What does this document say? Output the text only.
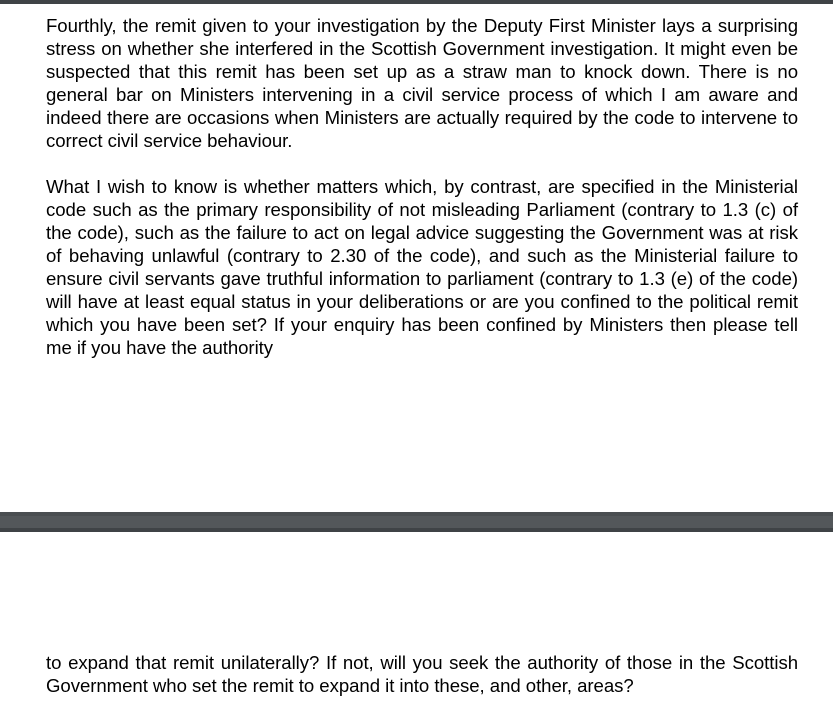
Fourthly, the remit given to your investigation by the Deputy First Minister lays a surprising stress on whether she interfered in the Scottish Government investigation. It might even be suspected that this remit has been set up as a straw man to knock down. There is no general bar on Ministers intervening in a civil service process of which I am aware and indeed there are occasions when Ministers are actually required by the code to intervene to correct civil service behaviour.

What I wish to know is whether matters which, by contrast, are specified in the Ministerial code such as the primary responsibility of not misleading Parliament (contrary to 1.3 (c) of the code), such as the failure to act on legal advice suggesting the Government was at risk of behaving unlawful (contrary to 2.30 of the code), and such as the Ministerial failure to ensure civil servants gave truthful information to parliament (contrary to 1.3 (e) of the code) will have at least equal status in your deliberations or are you confined to the political remit which you have been set? If your enquiry has been confined by Ministers then please tell me if you have the authority

to expand that remit unilaterally? If not, will you seek the authority of those in the Scottish Government who set the remit to expand it into these, and other, areas?
